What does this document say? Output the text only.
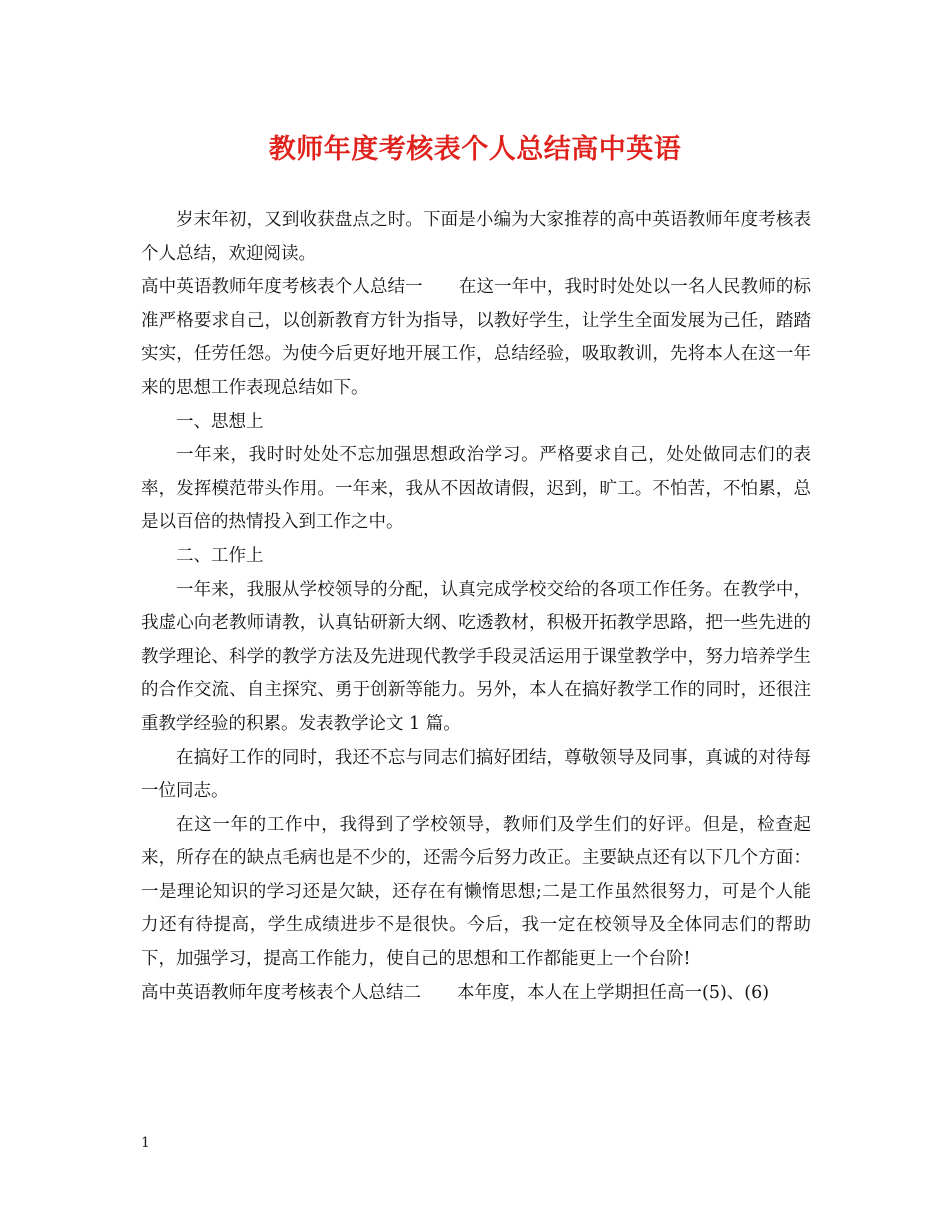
教师年度考核表个人总结高中英语

岁末年初，又到收获盘点之时。下面是小编为大家推荐的高中英语教师年度考核表个人总结，欢迎阅读。

高中英语教师年度考核表个人总结一 在这一年中，我时时处处以一名人民教师的标准严格要求自己，以创新教育方针为指导，以教好学生，让学生全面发展为己任，踏踏实实，任劳任怨。为使今后更好地开展工作，总结经验，吸取教训，先将本人在这一年来的思想工作表现总结如下。

一、思想上

一年来，我时时处处不忘加强思想政治学习。严格要求自己，处处做同志们的表率，发挥模范带头作用。一年来，我从不因故请假，迟到，旷工。不怕苦，不怕累，总是以百倍的热情投入到工作之中。

二、工作上

一年来，我服从学校领导的分配，认真完成学校交给的各项工作任务。在教学中，我虚心向老教师请教，认真钻研新大纲、吃透教材，积极开拓教学思路，把一些先进的教学理论、科学的教学方法及先进现代教学手段灵活运用于课堂教学中，努力培养学生的合作交流、自主探究、勇于创新等能力。另外，本人在搞好教学工作的同时，还很注重教学经验的积累。发表教学论文 1 篇。

在搞好工作的同时，我还不忘与同志们搞好团结，尊敬领导及同事，真诚的对待每一位同志。

在这一年的工作中，我得到了学校领导，教师们及学生们的好评。但是，检查起来，所存在的缺点毛病也是不少的，还需今后努力改正。主要缺点还有以下几个方面：一是理论知识的学习还是欠缺，还存在有懒惰思想;二是工作虽然很努力，可是个人能力还有待提高，学生成绩进步不是很快。今后，我一定在校领导及全体同志们的帮助下，加强学习，提高工作能力，使自己的思想和工作都能更上一个台阶!

高中英语教师年度考核表个人总结二 本年度，本人在上学期担任高一(5)、(6)

1
